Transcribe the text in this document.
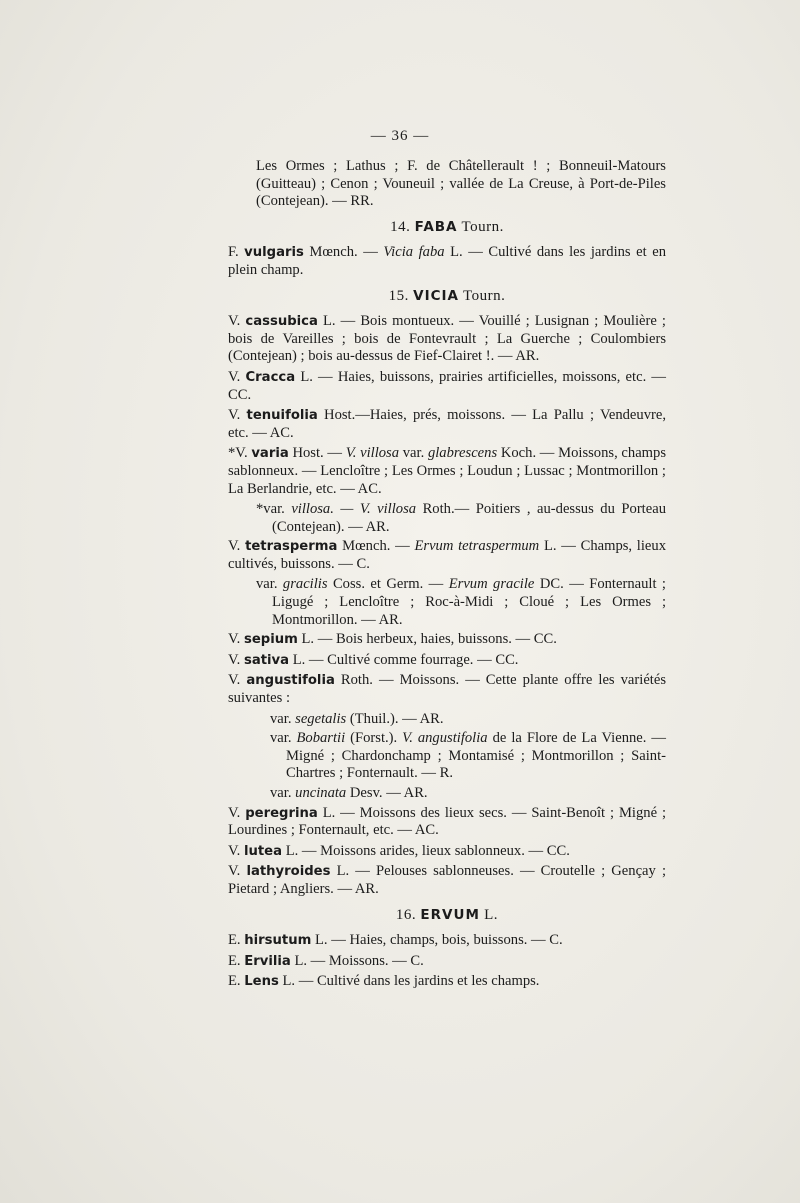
— 36 —

Les Ormes ; Lathus ; F. de Châtellerault ! ; Bonneuil-Matours (Guitteau) ; Cenon ; Vouneuil ; vallée de La Creuse, à Port-de-Piles (Contejean). — RR.

14. FABA Tourn.

F. vulgaris Mœnch. — Vicia faba L. — Cultivé dans les jardins et en plein champ.

15. VICIA Tourn.

V. cassubica L. — Bois montueux. — Vouillé ; Lusignan ; Moulière ; bois de Vareilles ; bois de Fontevrault ; La Guerche ; Coulombiers (Contejean) ; bois au-dessus de Fief-Clairet !. — AR.

V. Cracca L. — Haies, buissons, prairies artificielles, moissons, etc. — CC.

V. tenuifolia Host.—Haies, prés, moissons. — La Pallu ; Vendeuvre, etc. — AC.

*V. varia Host. — V. villosa var. glabrescens Koch. — Moissons, champs sablonneux. — Lencloître ; Les Ormes ; Loudun ; Lussac ; Montmorillon ; La Berlandrie, etc. — AC.

*var. villosa. — V. villosa Roth.— Poitiers , au-dessus du Porteau (Contejean). — AR.

V. tetrasperma Mœnch. — Ervum tetraspermum L. — Champs, lieux cultivés, buissons. — C.

var. gracilis Coss. et Germ. — Ervum gracile DC. — Fonternault ; Ligugé ; Lencloître ; Roc-à-Midi ; Cloué ; Les Ormes ; Montmorillon. — AR.

V. sepium L. — Bois herbeux, haies, buissons. — CC.

V. sativa L. — Cultivé comme fourrage. — CC.

V. angustifolia Roth. — Moissons. — Cette plante offre les variétés suivantes :

var. segetalis (Thuil.). — AR.

var. Bobartii (Forst.). V. angustifolia de la Flore de La Vienne. — Migné ; Chardonchamp ; Montamisé ; Montmorillon ; Saint-Chartres ; Fonternault. — R.

var. uncinata Desv. — AR.

V. peregrina L. — Moissons des lieux secs. — Saint-Benoît ; Migné ; Lourdines ; Fonternault, etc. — AC.

V. lutea L. — Moissons arides, lieux sablonneux. — CC.

V. lathyroides L. — Pelouses sablonneuses. — Croutelle ; Gençay ; Pietard ; Angliers. — AR.

16. ERVUM L.

E. hirsutum L. — Haies, champs, bois, buissons. — C.

E. Ervilia L. — Moissons. — C.

E. Lens L. — Cultivé dans les jardins et les champs.
